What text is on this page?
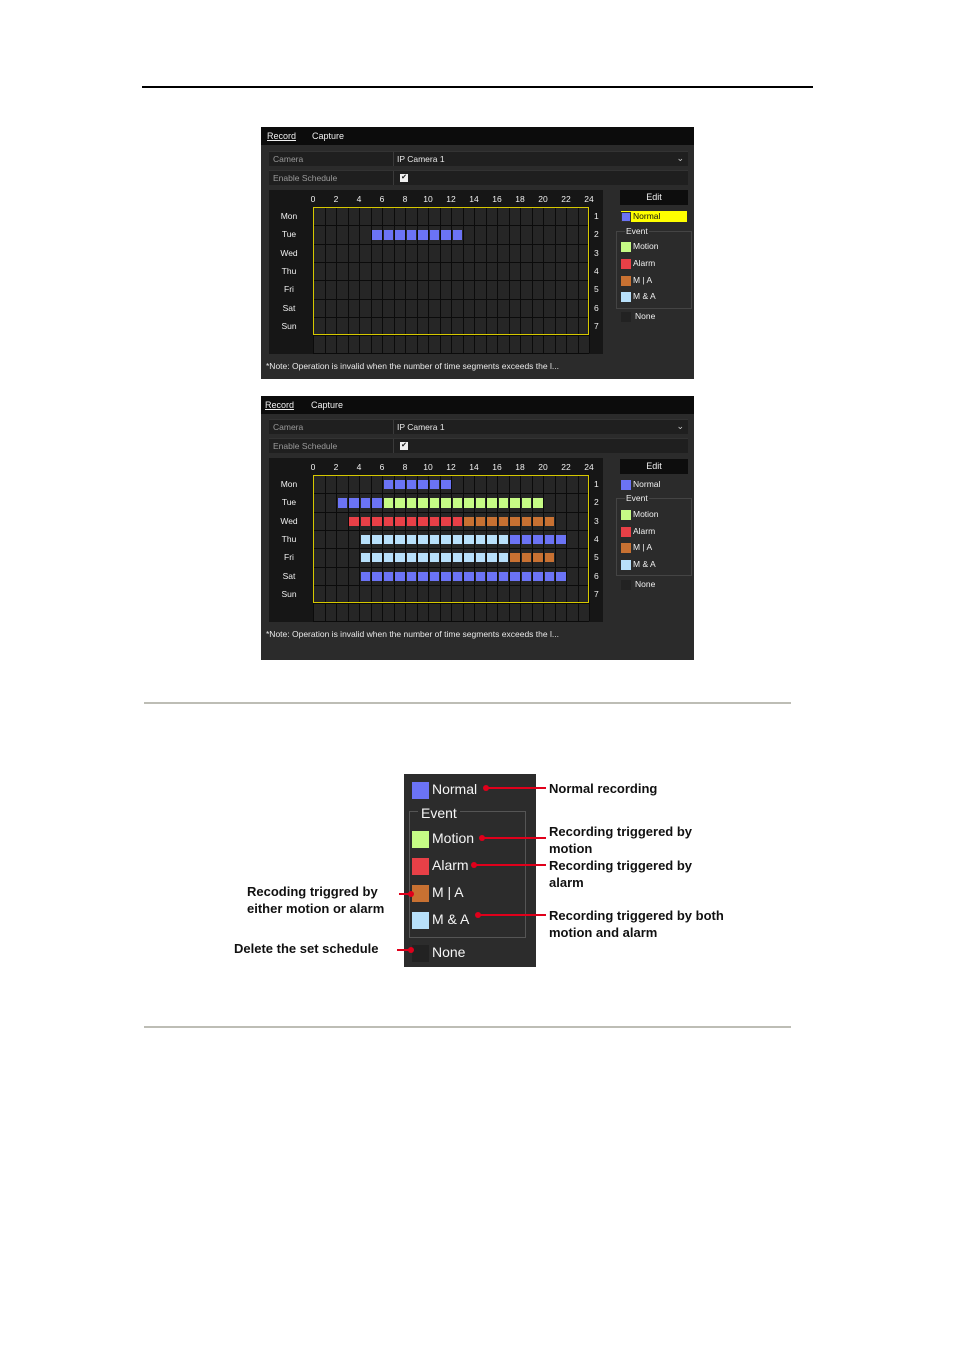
Record Capture
Camera	IP Camera 1	⌄
Enable Schedule	✔
0 2 4 6 8 10 12 14 16 18 20 22 24
Mon	1
Tue	2
Wed	3
Thu	4
Fri	5
Sat	6
Sun	7
*Note: Operation is invalid when the number of time segments exceeds the l...
Edit
Normal
Event
Motion
Alarm
M | A
M & A
None
Record Capture
Camera	IP Camera 1	⌄
Enable Schedule	✔
0 2 4 6 8 10 12 14 16 18 20 22 24
Mon	1
Tue	2
Wed	3
Thu	4
Fri	5
Sat	6
Sun	7
*Note: Operation is invalid when the number of time segments exceeds the l...
Edit
Normal
Event
Motion
Alarm
M | A
M & A
None
Normal
Event
Motion
Alarm
M | A
M & A
None
Normal recording
Recording triggered by motion
Recording triggered by alarm
Recoding triggred by either motion or alarm	Recording triggered by both motion and alarm
Delete the set schedule
